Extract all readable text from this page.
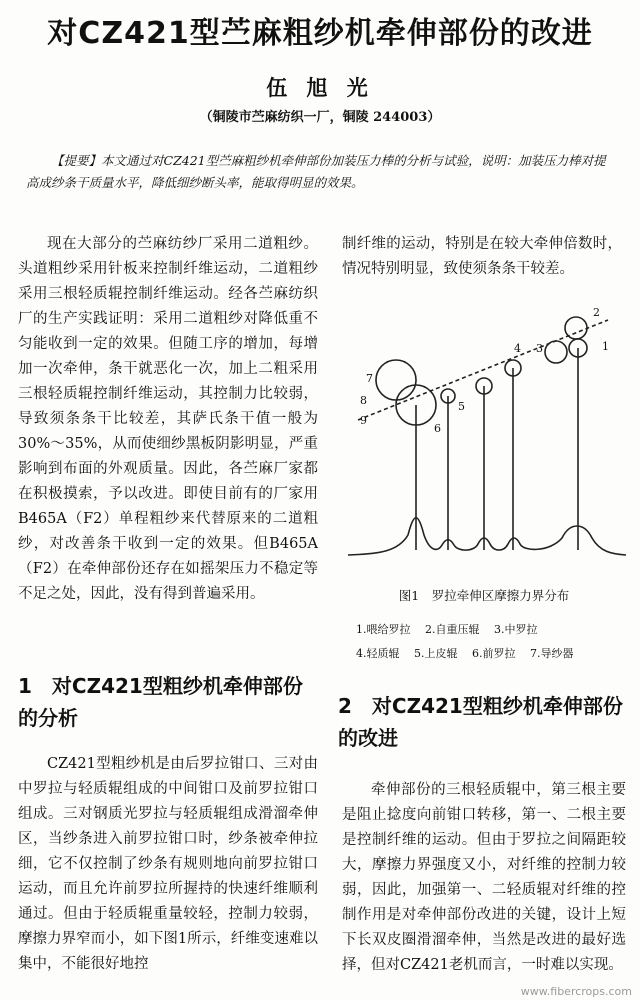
对CZ421型苎麻粗纱机牵伸部份的改进
伍 旭 光
（铜陵市苎麻纺织一厂，铜陵 244003）
【提要】本文通过对CZ421型苎麻粗纱机牵伸部份加装压力棒的分析与试验，说明：加装压力棒对提高成纱条干质量水平，降低细纱断头率，能取得明显的效果。

现在大部分的苎麻纺纱厂采用二道粗纱。头道粗纱采用针板来控制纤维运动，二道粗纱采用三根轻质辊控制纤维运动。经各苎麻纺织厂的生产实践证明：采用二道粗纱对降低重不匀能收到一定的效果。但随工序的增加，每增加一次牵伸，条干就恶化一次，加上二粗采用三根轻质辊控制纤维运动，其控制力比较弱，导致须条条干比较差，其萨氏条干值一般为30%～35%，从而使细纱黑板阴影明显，严重影响到布面的外观质量。因此，各苎麻厂家都在积极摸索，予以改进。即使目前有的厂家用B465A（F2）单程粗纱来代替原来的二道粗纱，对改善条干收到一定的效果。但B465A（F2）在牵伸部份还存在如摇架压力不稳定等不足之处，因此，没有得到普遍采用。

制纤维的运动，特别是在较大牵伸倍数时，情况特别明显，致使须条条干较差。

2
1
3
4
5
6
7
8
9
图1　罗拉牵伸区摩擦力界分布
1.喂给罗拉　 2.自重压辊　 3.中罗拉
4.轻质辊　 5.上皮辊　 6.前罗拉　 7.导纱器
1　对CZ421型粗纱机牵伸部份的分析	2　对CZ421型粗纱机牵伸部份的改进

CZ421型粗纱机是由后罗拉钳口、三对由中罗拉与轻质辊组成的中间钳口及前罗拉钳口组成。三对钢质光罗拉与轻质辊组成滑溜牵伸区，当纱条进入前罗拉钳口时，纱条被牵伸拉细，它不仅控制了纱条有规则地向前罗拉钳口运动，而且允许前罗拉所握持的快速纤维顺利通过。但由于轻质辊重量较轻，控制力较弱，摩擦力界窄而小，如下图1所示，纤维变速难以集中，不能很好地控

牵伸部份的三根轻质辊中，第三根主要是阻止捻度向前钳口转移，第一、二根主要是控制纤维的运动。但由于罗拉之间隔距较大，摩擦力界强度又小，对纤维的控制力较弱，因此，加强第一、二轻质辊对纤维的控制作用是对牵伸部份改进的关键，设计上短下长双皮圈滑溜牵伸，当然是改进的最好选择，但对CZ421老机而言，一时难以实现。

www.fibercrops.com
